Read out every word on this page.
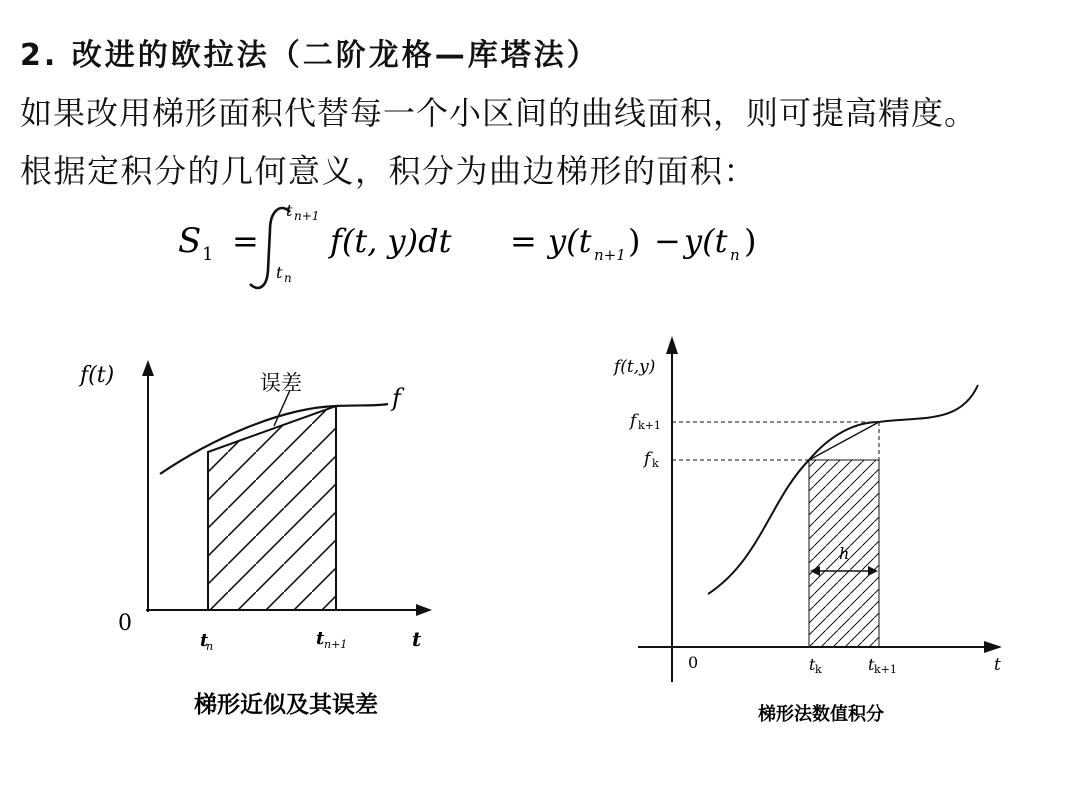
2. 改进的欧拉法（二阶龙格—库塔法）
如果改用梯形面积代替每一个小区间的曲线面积，则可提高精度。
根据定积分的几何意义，积分为曲边梯形的面积：
S 1 =
t n+1
t n
f(t, y)dt = y(t n+1 ) − y(t n )
f(t)	误差
f
0
t
n	t n+1	t
梯形近似及其误差
f(t,y)
f k+1
f k
h
0	t k	t k+1	t
梯形法数值积分
